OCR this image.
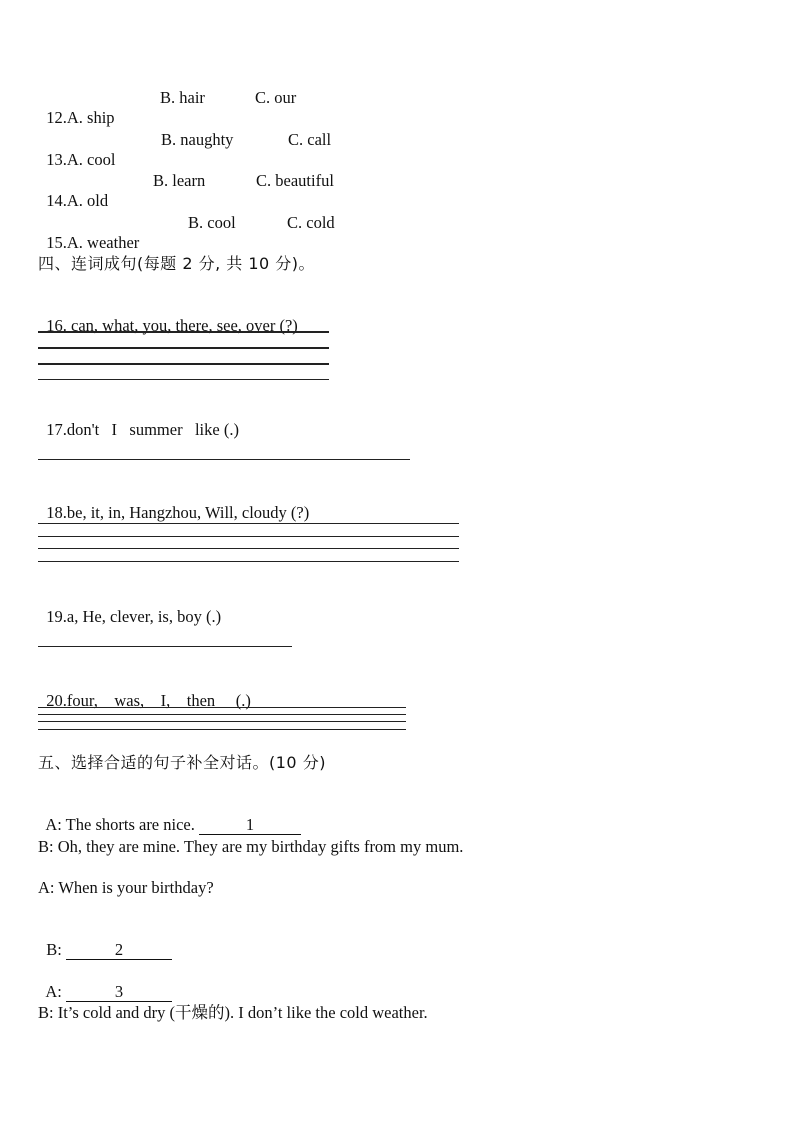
12.A. ship

B. hair	C. our

13.A. cool

B. naughty	C. call

14.A. old

B. learn	C. beautiful

15.A. weather

B. cool	C. cold
四、连词成句(每题 2 分, 共 10 分)。

16. can, what, you, there, see, over (?)

17.don't   I   summer   like (.)

18.be, it, in, Hangzhou, Will, cloudy (?)

19.a, He, clever, is, boy (.)

20.four,    was,    I,    then     (.)

五、选择合适的句子补全对话。(10 分)

A: The shorts are nice.	1

B: Oh, they are mine. They are my birthday gifts from my mum.
A: When is your birthday?

B:	2

A:	3

B: It’s cold and dry (干燥的). I don’t like the cold weather.
